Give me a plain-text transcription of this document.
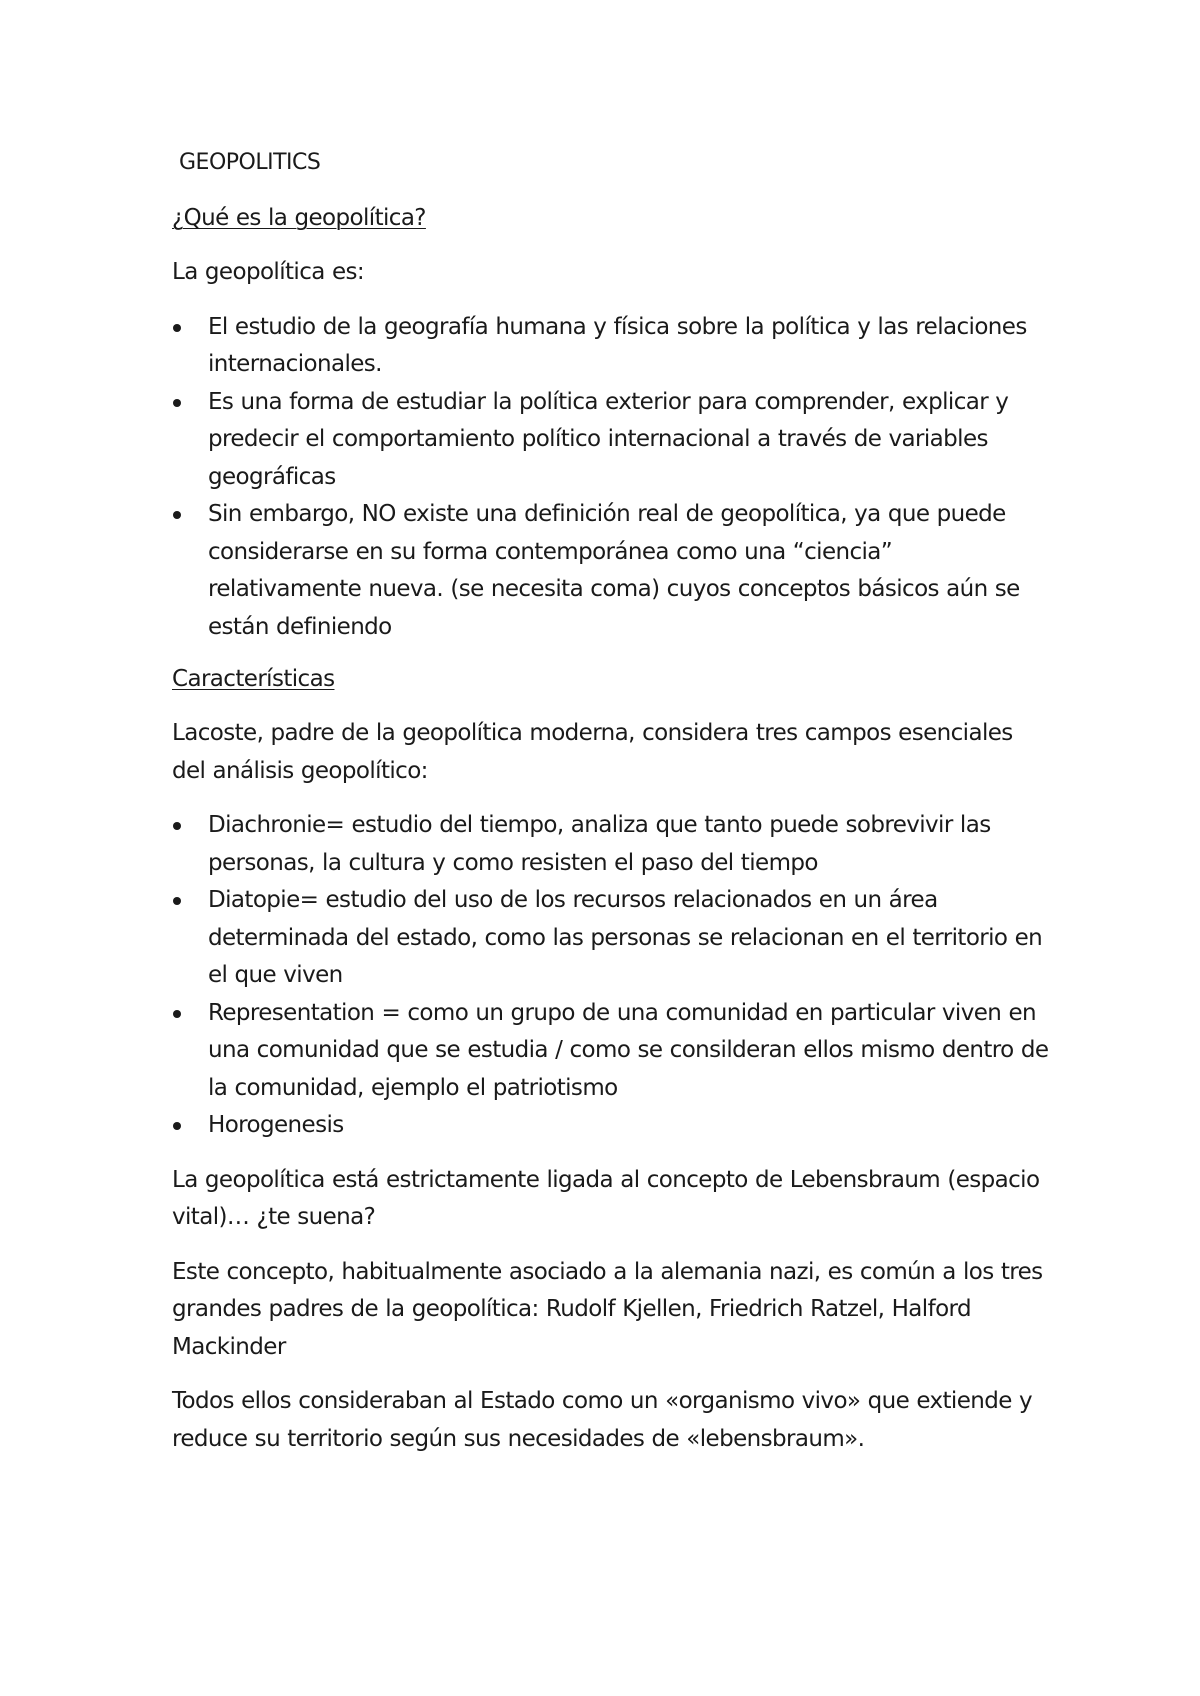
GEOPOLITICS
¿Qué es la geopolítica?

La geopolítica es:

El estudio de la geografía humana y física sobre la política y las relaciones internacionales.
Es una forma de estudiar la política exterior para comprender, explicar y predecir el comportamiento político internacional a través de variables geográficas
Sin embargo, NO existe una definición real de geopolítica, ya que puede considerarse en su forma contemporánea como una “ciencia” relativamente nueva. (se necesita coma) cuyos conceptos básicos aún se están definiendo
Características

Lacoste, padre de la geopolítica moderna, considera tres campos esenciales del análisis geopolítico:

Diachronie= estudio del tiempo, analiza que tanto puede sobrevivir las personas, la cultura y como resisten el paso del tiempo
Diatopie= estudio del uso de los recursos relacionados en un área determinada del estado, como las personas se relacionan en el territorio en el que viven
Representation = como un grupo de una comunidad en particular viven en una comunidad que se estudia / como se consilderan ellos mismo dentro de la comunidad, ejemplo el patriotismo
Horogenesis

La geopolítica está estrictamente ligada al concepto de Lebensbraum (espacio vital)… ¿te suena?

Este concepto, habitualmente asociado a la alemania nazi, es común a los tres grandes padres de la geopolítica: Rudolf Kjellen, Friedrich Ratzel, Halford Mackinder

Todos ellos consideraban al Estado como un «organismo vivo» que extiende y reduce su territorio según sus necesidades de «lebensbraum».
